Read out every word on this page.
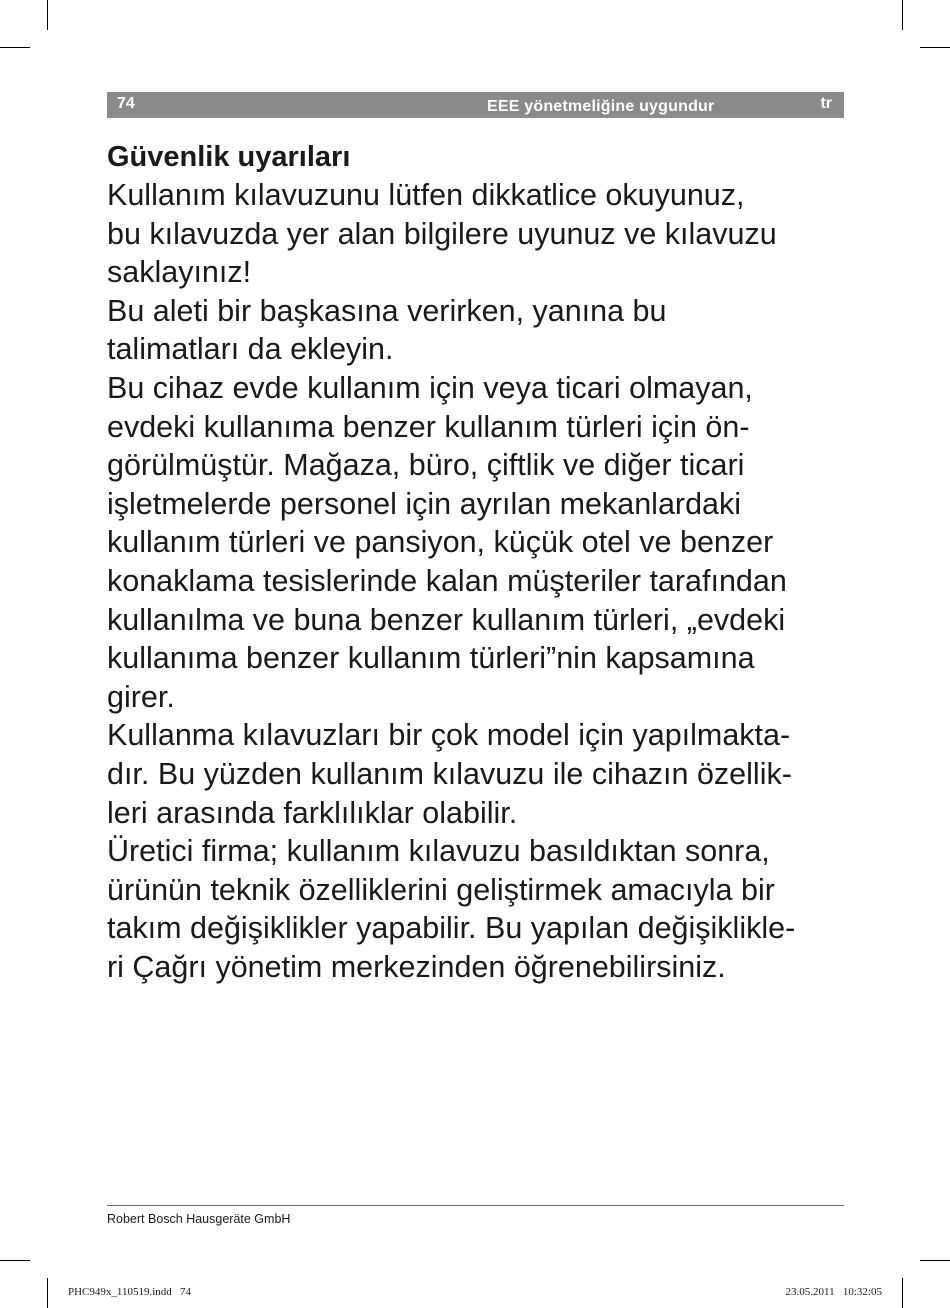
74	EEE yönetmeliğine uygundur	tr
Güvenlik uyarıları

Kullanım kılavuzunu lütfen dikkatlice okuyunuz,
bu kılavuzda yer alan bilgilere uyunuz ve kılavuzu
saklayınız!

Bu aleti bir başkasına verirken, yanına bu
talimatları da ekleyin.

Bu cihaz evde kullanım için veya ticari olmayan,
evdeki kullanıma benzer kullanım türleri için ön-
görülmüştür. Mağaza, büro, çiftlik ve diğer ticari
işletmelerde personel için ayrılan mekanlardaki
kullanım türleri ve pansiyon, küçük otel ve benzer
konaklama tesislerinde kalan müşteriler tarafından
kullanılma ve buna benzer kullanım türleri, „evdeki
kullanıma benzer kullanım türleri”nin kapsamına
girer.

Kullanma kılavuzları bir çok model için yapılmakta-
dır. Bu yüzden kullanım kılavuzu ile cihazın özellik-
leri arasında farklılıklar olabilir.

Üretici firma; kullanım kılavuzu basıldıktan sonra,
ürünün teknik özelliklerini geliştirmek amacıyla bir
takım değişiklikler yapabilir. Bu yapılan değişiklikle-
ri Çağrı yönetim merkezinden öğrenebilirsiniz.

Robert Bosch Hausgeräte GmbH
PHC949x_110519.indd   74	23.05.2011   10:32:05
